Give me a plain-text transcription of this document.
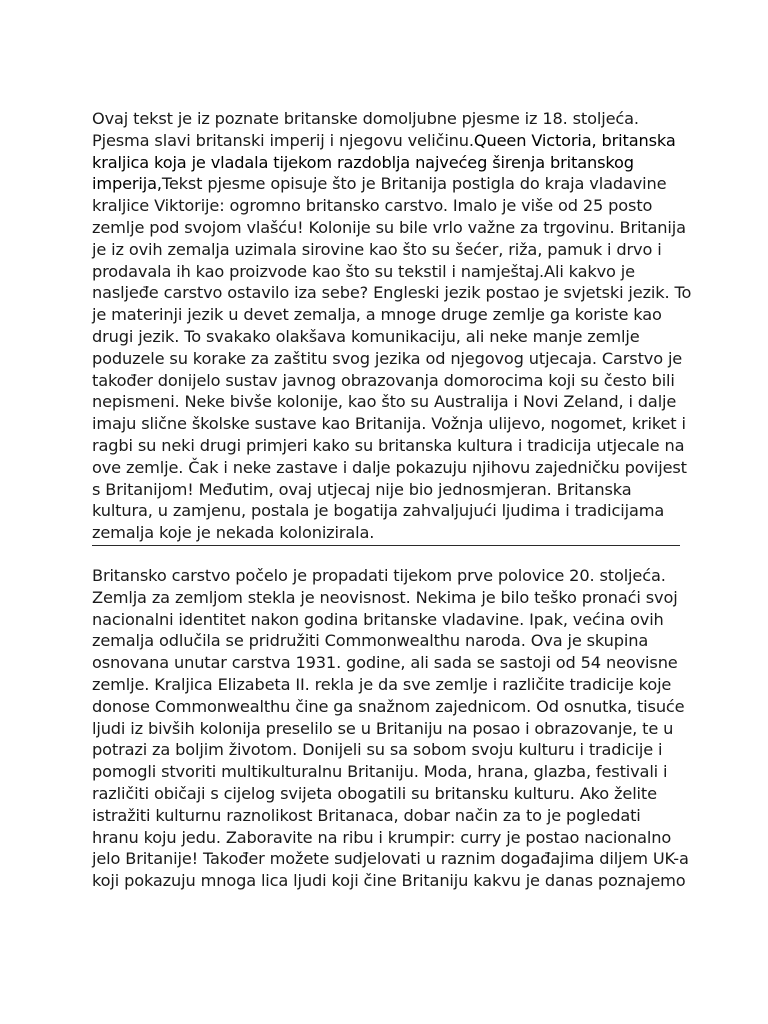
Ovaj tekst je iz poznate britanske domoljubne pjesme iz 18. stoljeća. Pjesma slavi britanski imperij i njegovu veličinu.Queen Victoria, britanska kraljica koja je vladala tijekom razdoblja najvećeg širenja britanskog imperija,Tekst pjesme opisuje što je Britanija postigla do kraja vladavine kraljice Viktorije: ogromno britansko carstvo. Imalo je više od 25 posto zemlje pod svojom vlašću! Kolonije su bile vrlo važne za trgovinu. Britanija je iz ovih zemalja uzimala sirovine kao što su šećer, riža, pamuk i drvo i prodavala ih kao proizvode kao što su tekstil i namještaj.Ali kakvo je nasljeđe carstvo ostavilo iza sebe? Engleski jezik postao je svjetski jezik. To je materinji jezik u devet zemalja, a mnoge druge zemlje ga koriste kao drugi jezik. To svakako olakšava komunikaciju, ali neke manje zemlje poduzele su korake za zaštitu svog jezika od njegovog utjecaja. Carstvo je također donijelo sustav javnog obrazovanja domorocima koji su često bili nepismeni. Neke bivše kolonije, kao što su Australija i Novi Zeland, i dalje imaju slične školske sustave kao Britanija. Vožnja ulijevo, nogomet, kriket i ragbi su neki drugi primjeri kako su britanska kultura i tradicija utjecale na ove zemlje. Čak i neke zastave i dalje pokazuju njihovu zajedničku povijest s Britanijom! Međutim, ovaj utjecaj nije bio jednosmjeran. Britanska kultura, u zamjenu, postala je bogatija zahvaljujući ljudima i tradicijama zemalja koje je nekada kolonizirala.

Britansko carstvo počelo je propadati tijekom prve polovice 20. stoljeća. Zemlja za zemljom stekla je neovisnost. Nekima je bilo teško pronaći svoj nacionalni identitet nakon godina britanske vladavine. Ipak, većina ovih zemalja odlučila se pridružiti Commonwealthu naroda. Ova je skupina osnovana unutar carstva 1931. godine, ali sada se sastoji od 54 neovisne zemlje. Kraljica Elizabeta II. rekla je da sve zemlje i različite tradicije koje donose Commonwealthu čine ga snažnom zajednicom. Od osnutka, tisuće ljudi iz bivših kolonija preselilo se u Britaniju na posao i obrazovanje, te u potrazi za boljim životom. Donijeli su sa sobom svoju kulturu i tradicije i pomogli stvoriti multikulturalnu Britaniju. Moda, hrana, glazba, festivali i različiti običaji s cijelog svijeta obogatili su britansku kulturu. Ako želite istražiti kulturnu raznolikost Britanaca, dobar način za to je pogledati hranu koju jedu. Zaboravite na ribu i krumpir: curry je postao nacionalno jelo Britanije! Također možete sudjelovati u raznim događajima diljem UK-a koji pokazuju mnoga lica ljudi koji čine Britaniju kakvu je danas poznajemo
